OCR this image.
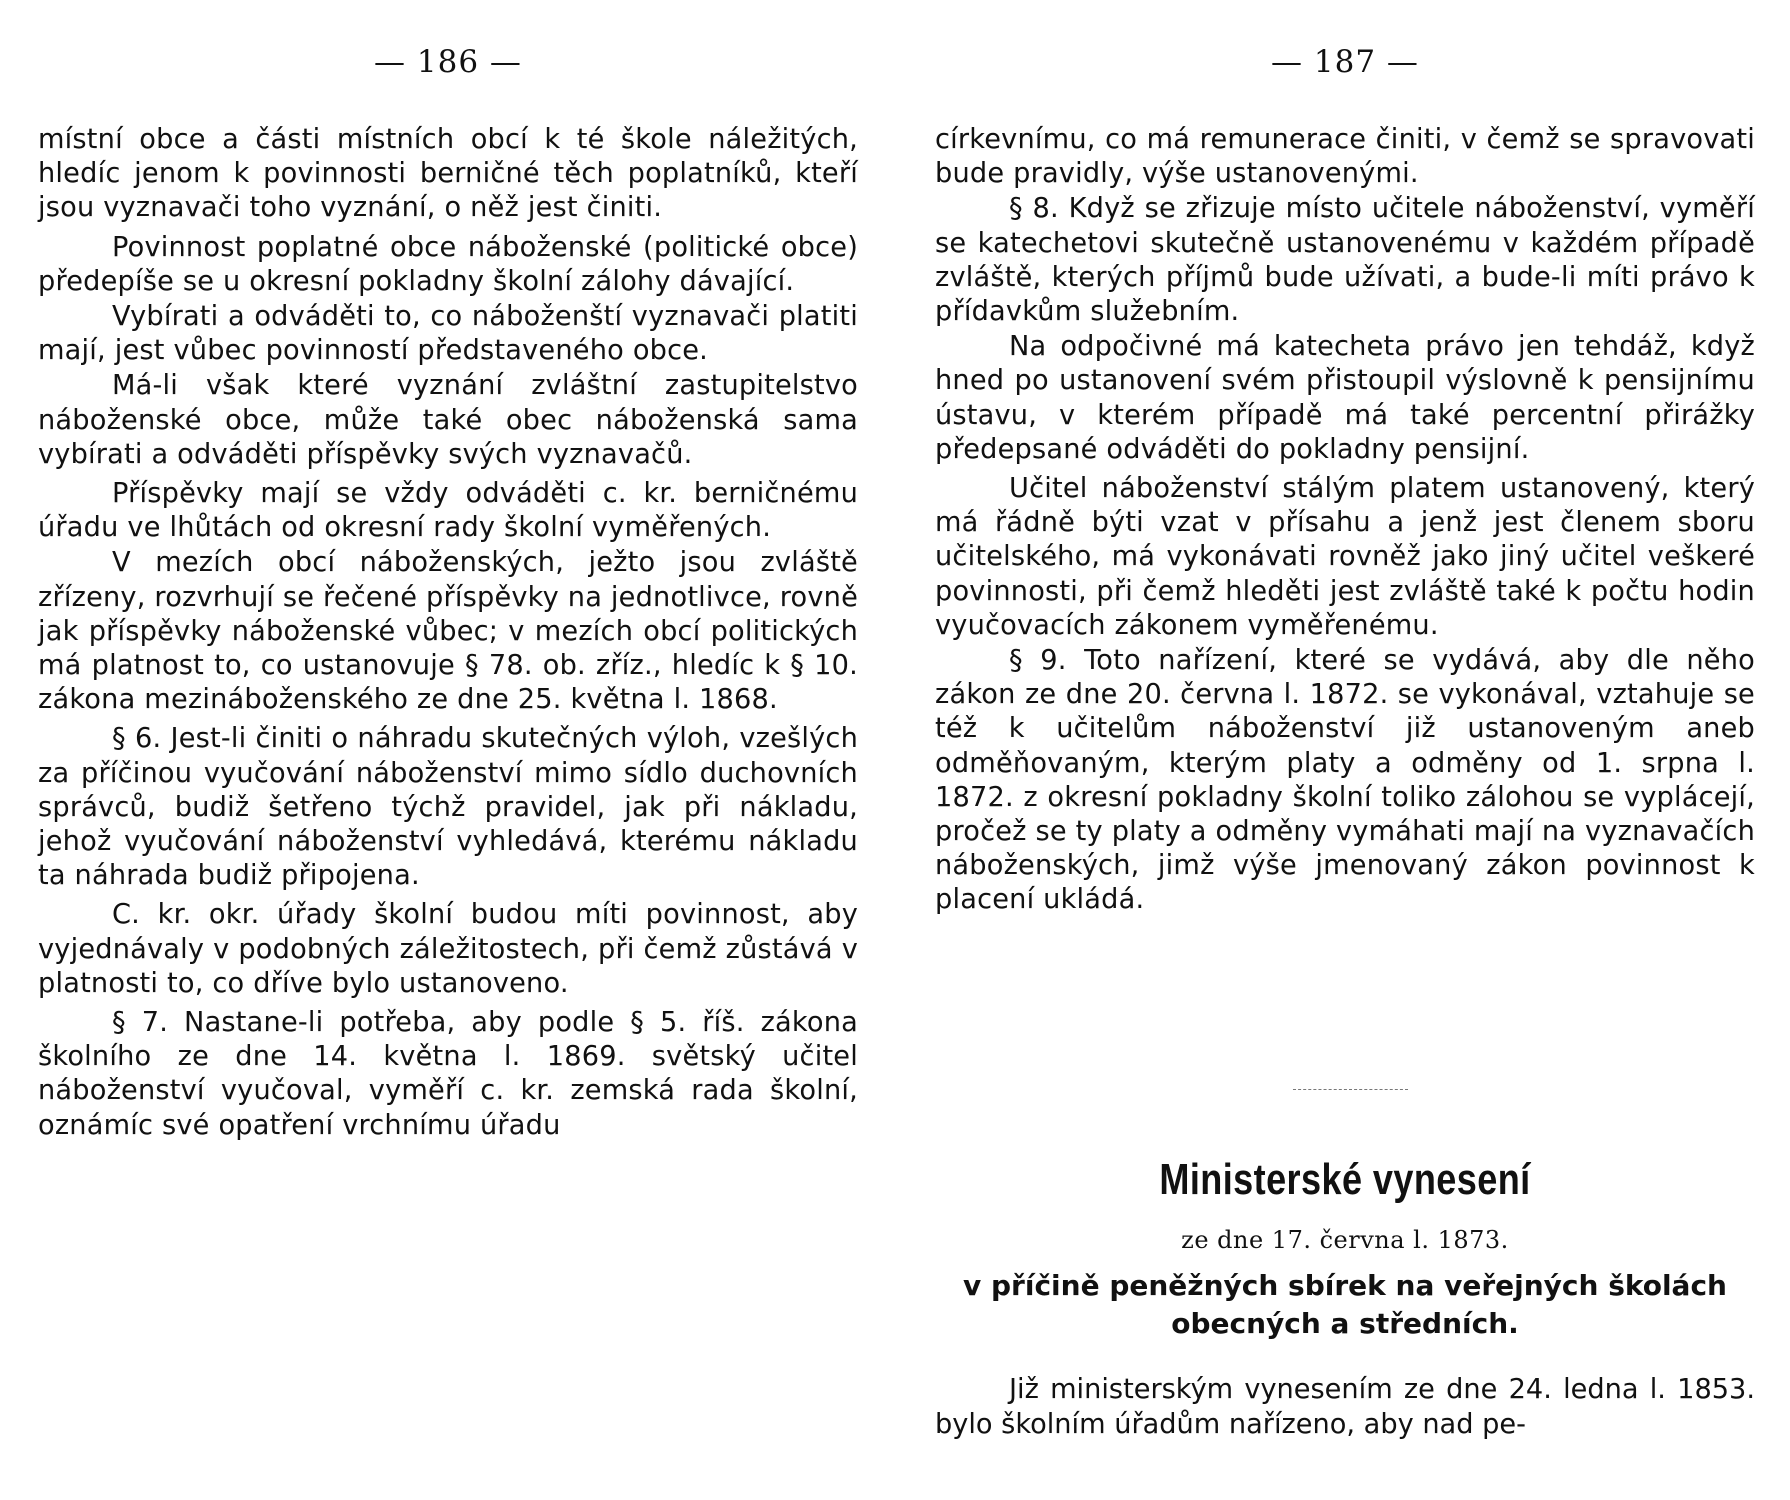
— 186 —

místní obce a části místních obcí k té škole náležitých, hledíc jenom k povinnosti berničné těch poplatníků, kteří jsou vyznavači toho vyznání, o něž jest činiti.

Povinnost poplatné obce náboženské (politické obce) předepíše se u okresní pokladny školní zálohy dávající.

Vybírati a odváděti to, co náboženští vyznavači platiti mají, jest vůbec povinností představeného obce.

Má-li však které vyznání zvláštní zastupitelstvo náboženské obce, může také obec náboženská sama vybírati a odváděti příspěvky svých vyznavačů.

Příspěvky mají se vždy odváděti c. kr. berničnému úřadu ve lhůtách od okresní rady školní vyměřených.

V mezích obcí náboženských, ježto jsou zvláště zřízeny, rozvrhují se řečené příspěvky na jednotlivce, rovně jak příspěvky náboženské vůbec; v mezích obcí politických má platnost to, co ustanovuje § 78. ob. zříz., hledíc k § 10. zákona mezináboženského ze dne 25. května l. 1868.

§ 6. Jest-li činiti o náhradu skutečných výloh, vzešlých za příčinou vyučování náboženství mimo sídlo duchovních správců, budiž šetřeno týchž pravidel, jak při nákladu, jehož vyučování náboženství vyhledává, kterému nákladu ta náhrada budiž připojena.

C. kr. okr. úřady školní budou míti povinnost, aby vyjednávaly v podobných záležitostech, při čemž zůstává v platnosti to, co dříve bylo ustanoveno.

§ 7. Nastane-li potřeba, aby podle § 5. říš. zákona školního ze dne 14. května l. 1869. světský učitel náboženství vyučoval, vyměří c. kr. zemská rada školní, oznámíc své opatření vrchnímu úřadu

— 187 —

církevnímu, co má remunerace činiti, v čemž se spravovati bude pravidly, výše ustanovenými.

§ 8. Když se zřizuje místo učitele náboženství, vyměří se katechetovi skutečně ustanovenému v každém případě zvláště, kterých příjmů bude užívati, a bude-li míti právo k přídavkům služebním.

Na odpočivné má katecheta právo jen tehdáž, když hned po ustanovení svém přistoupil výslovně k pensijnímu ústavu, v kterém případě má také percentní přirážky předepsané odváděti do pokladny pensijní.

Učitel náboženství stálým platem ustanovený, který má řádně býti vzat v přísahu a jenž jest členem sboru učitelského, má vykonávati rovněž jako jiný učitel veškeré povinnosti, při čemž hleděti jest zvláště také k počtu hodin vyučovacích zákonem vyměřenému.

§ 9. Toto nařízení, které se vydává, aby dle něho zákon ze dne 20. června l. 1872. se vykonával, vztahuje se též k učitelům náboženství již ustanoveným aneb odměňovaným, kterým platy a odměny od 1. srpna l. 1872. z okresní pokladny školní toliko zálohou se vyplácejí, pročež se ty platy a odměny vymáhati mají na vyznavačích náboženských, jimž výše jmenovaný zákon povinnost k placení ukládá.

Ministerské vynesení
ze dne 17. června l. 1873.
v příčině peněžných sbírek na veřejných školách
obecných a středních.

Již ministerským vynesením ze dne 24. ledna l. 1853. bylo školním úřadům nařízeno, aby nad pe-
